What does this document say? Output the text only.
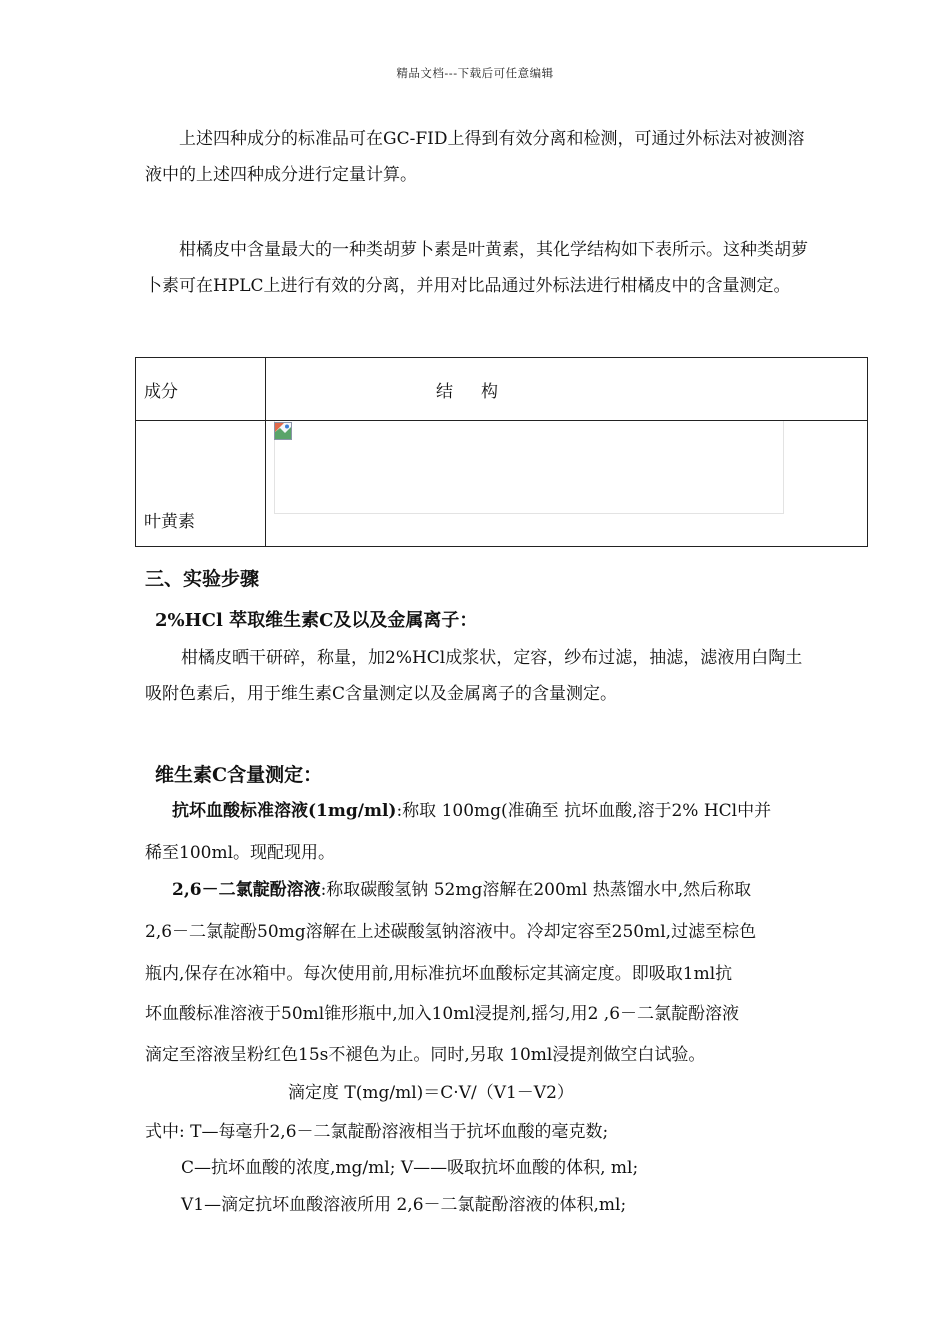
精品文档---下载后可任意编辑

上述四种成分的标准品可在GC-FID上得到有效分离和检测，可通过外标法对被测溶液中的上述四种成分进行定量计算。

柑橘皮中含量最大的一种类胡萝卜素是叶黄素，其化学结构如下表所示。这种类胡萝卜素可在HPLC上进行有效的分离，并用对比品通过外标法进行柑橘皮中的含量测定。

成分	结构
叶黄素	
三、实验步骤
2%HCl 萃取维生素C及以及金属离子：

柑橘皮晒干研碎，称量，加2%HCl成浆状，定容，纱布过滤，抽滤，滤液用白陶土吸附色素后，用于维生素C含量测定以及金属离子的含量测定。

维生素C含量测定：
抗坏血酸标准溶液(1mg/ml):称取 100mg(准确至 抗坏血酸,溶于2% HCl中并
稀至100ml。现配现用。
2,6－二氯靛酚溶液:称取碳酸氢钠 52mg溶解在200ml 热蒸馏水中,然后称取
2,6－二氯靛酚50mg溶解在上述碳酸氢钠溶液中。冷却定容至250ml,过滤至棕色
瓶内,保存在冰箱中。每次使用前,用标准抗坏血酸标定其滴定度。即吸取1ml抗
坏血酸标准溶液于50ml锥形瓶中,加入10ml浸提剂,摇匀,用2 ,6－二氯靛酚溶液
滴定至溶液呈粉红色15s不褪色为止。同时,另取 10ml浸提剂做空白试验。
滴定度 T(mg/ml)＝C·V/（V1－V2）
式中: T—每毫升2,6－二氯靛酚溶液相当于抗坏血酸的毫克数;
C—抗坏血酸的浓度,mg/ml; V——吸取抗坏血酸的体积, ml;
V1—滴定抗坏血酸溶液所用 2,6－二氯靛酚溶液的体积,ml;
